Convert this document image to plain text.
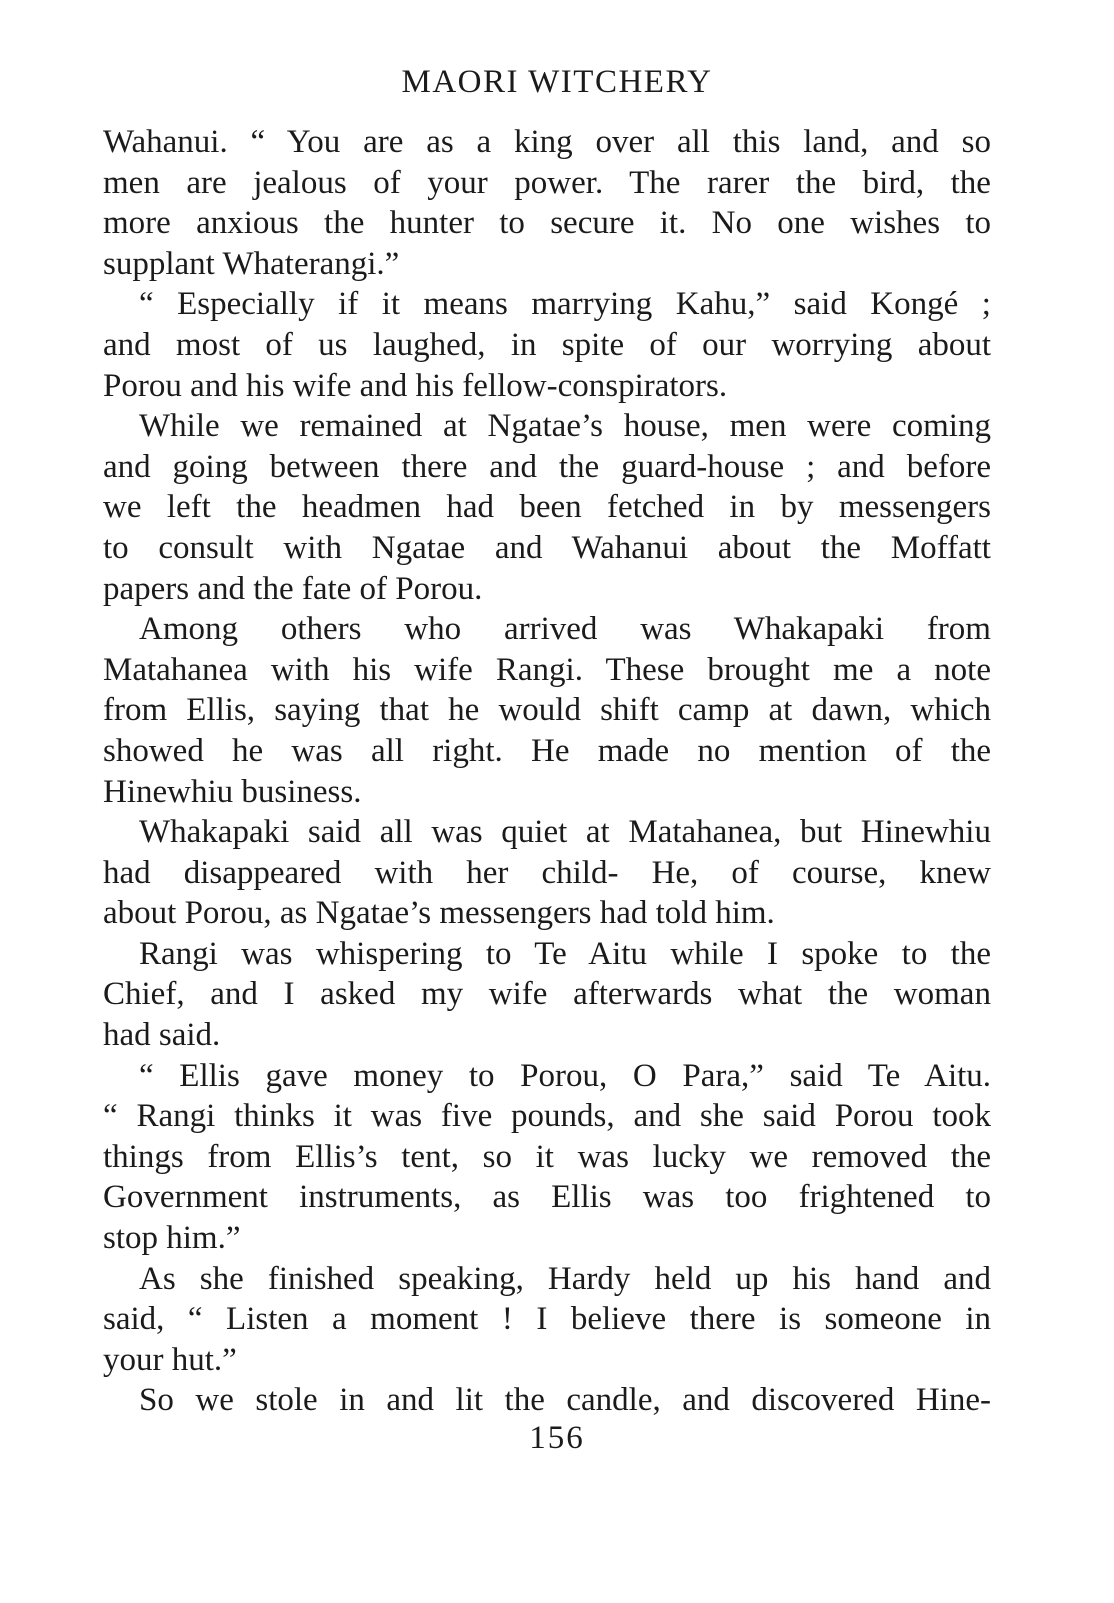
MAORI WITCHERY

Wahanui. “ You are as a king over all this land, and so
men are jealous of your power. The rarer the bird, the
more anxious the hunter to secure it. No one wishes to
supplant Whaterangi.”

“ Especially if it means marrying Kahu,” said Kongé ;
and most of us laughed, in spite of our worrying about
Porou and his wife and his fellow-conspirators.

While we remained at Ngatae’s house, men were coming
and going between there and the guard-house ; and before
we left the headmen had been fetched in by messengers
to consult with Ngatae and Wahanui about the Moffatt
papers and the fate of Porou.

Among others who arrived was Whakapaki from
Matahanea with his wife Rangi. These brought me a note
from Ellis, saying that he would shift camp at dawn, which
showed he was all right. He made no mention of the
Hinewhiu business.

Whakapaki said all was quiet at Matahanea, but Hinewhiu
had disappeared with her child- He, of course, knew
about Porou, as Ngatae’s messengers had told him.

Rangi was whispering to Te Aitu while I spoke to the
Chief, and I asked my wife afterwards what the woman
had said.

“ Ellis gave money to Porou, O Para,” said Te Aitu.
“ Rangi thinks it was five pounds, and she said Porou took
things from Ellis’s tent, so it was lucky we removed the
Government instruments, as Ellis was too frightened to
stop him.”

As she finished speaking, Hardy held up his hand and
said, “ Listen a moment ! I believe there is someone in
your hut.”

So we stole in and lit the candle, and discovered Hine-

156
